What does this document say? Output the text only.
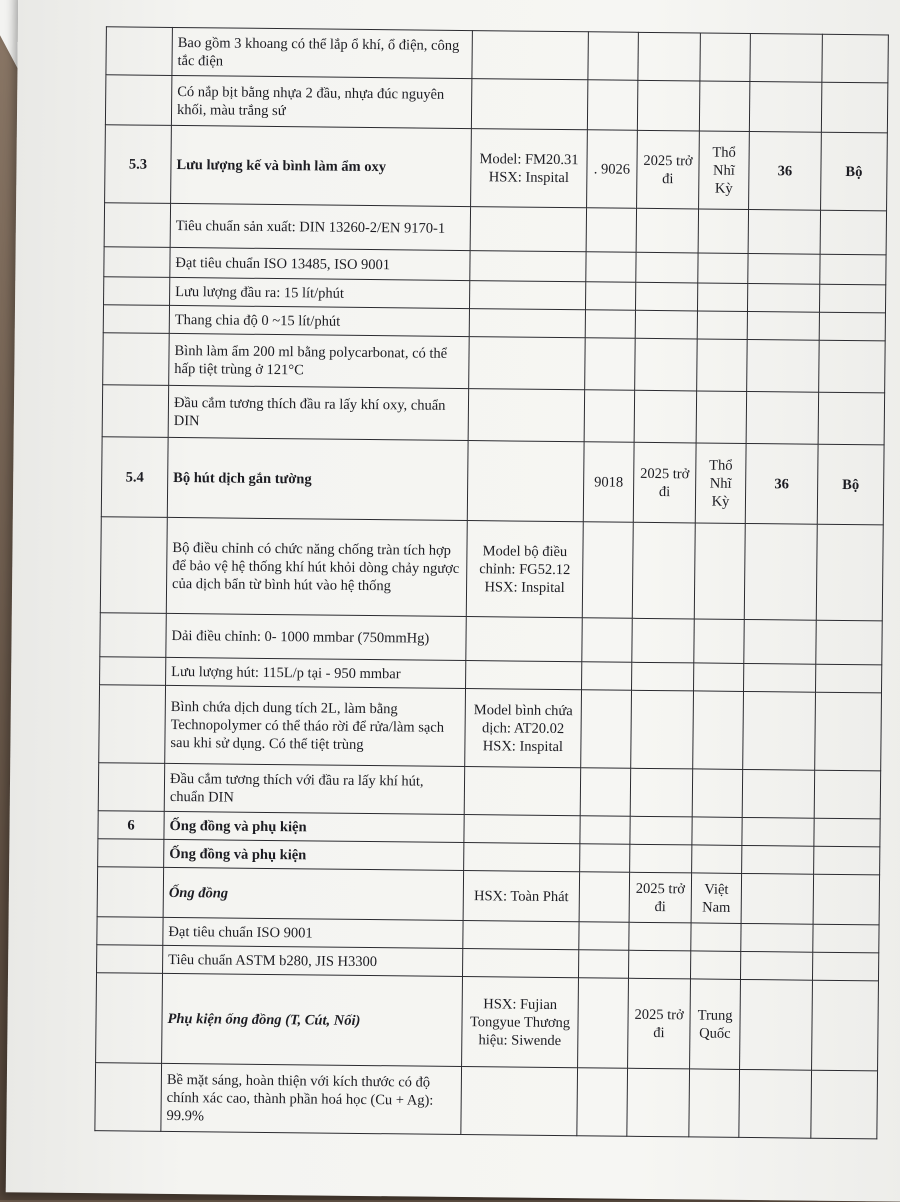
	Bao gồm 3 khoang có thể lắp ổ khí, ổ điện, công tắc điện						
	Có nắp bịt bằng nhựa 2 đầu, nhựa đúc nguyên khối, màu trắng sứ						
5.3	Lưu lượng kế và bình làm ẩm oxy	Model: FM20.31 HSX: Inspital	. 9026	2025 trở đi	Thổ Nhĩ Kỳ	36	Bộ
	Tiêu chuẩn sản xuất: DIN 13260-2/EN 9170-1						
	Đạt tiêu chuẩn ISO 13485, ISO 9001						
	Lưu lượng đầu ra: 15 lít/phút						
	Thang chia độ 0 ~15 lít/phút						
	Bình làm ẩm 200 ml bằng polycarbonat, có thể hấp tiệt trùng ở 121°C						
	Đầu cắm tương thích đầu ra lấy khí oxy, chuẩn DIN						
5.4	Bộ hút dịch gắn tường		9018	2025 trở đi	Thổ Nhĩ Kỳ	36	Bộ
	Bộ điều chỉnh có chức năng chống tràn tích hợp để bảo vệ hệ thống khí hút khỏi dòng chảy ngược của dịch bẩn từ bình hút vào hệ thống	Model bộ điều chỉnh: FG52.12 HSX: Inspital					
	Dải điều chỉnh: 0- 1000 mmbar (750mmHg)						
	Lưu lượng hút: 115L/p tại - 950 mmbar						
	Bình chứa dịch dung tích 2L, làm bằng Technopolymer có thể tháo rời để rửa/làm sạch sau khi sử dụng. Có thể tiệt trùng	Model bình chứa dịch: AT20.02 HSX: Inspital					
	Đầu cắm tương thích với đầu ra lấy khí hút, chuẩn DIN						
6	Ống đồng và phụ kiện						
	Ống đồng và phụ kiện						
	Ống đồng	HSX: Toàn Phát		2025 trở đi	Việt Nam		
	Đạt tiêu chuẩn ISO 9001						
	Tiêu chuẩn ASTM b280, JIS H3300						
	Phụ kiện ống đồng (T, Cút, Nối)	HSX: Fujian Tongyue Thương hiệu: Siwende		2025 trở đi	Trung Quốc		
	Bề mặt sáng, hoàn thiện với kích thước có độ chính xác cao, thành phần hoá học (Cu + Ag): 99.9%						
